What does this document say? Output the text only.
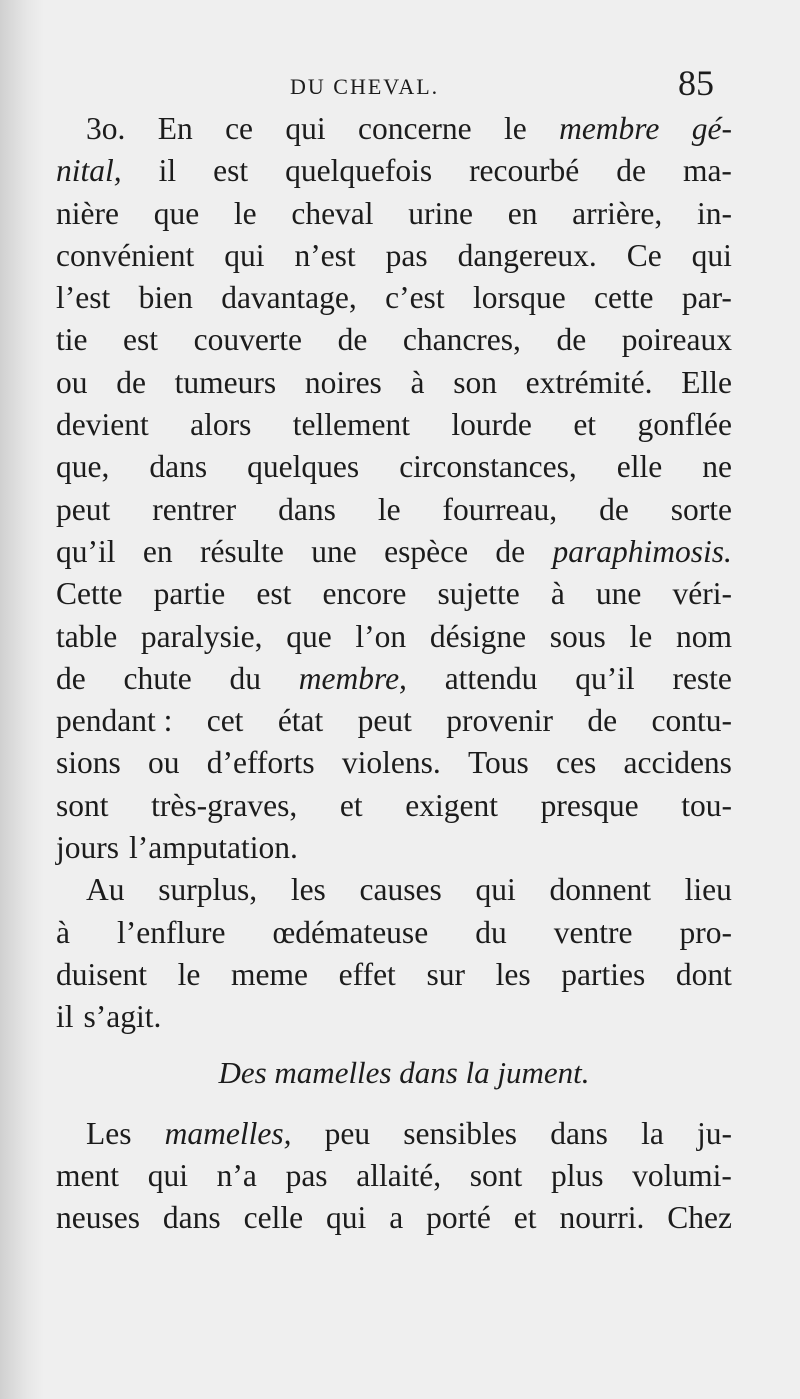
DU CHEVAL.	85
3o. En ce qui concerne le membre gé-
nital, il est quelquefois recourbé de ma-
nière que le cheval urine en arrière, in-
convénient qui n’est pas dangereux. Ce qui
l’est bien davantage, c’est lorsque cette par-
tie est couverte de chancres, de poireaux
ou de tumeurs noires à son extrémité. Elle
devient alors tellement lourde et gonflée
que, dans quelques circonstances, elle ne
peut rentrer dans le fourreau, de sorte
qu’il en résulte une espèce de paraphimosis.
Cette partie est encore sujette à une véri-
table paralysie, que l’on désigne sous le nom
de chute du membre, attendu qu’il reste
pendant : cet état peut provenir de contu-
sions ou d’efforts violens. Tous ces accidens
sont très-graves, et exigent presque tou-
jours l’amputation.
Au surplus, les causes qui donnent lieu
à l’enflure œdémateuse du ventre pro-
duisent le meme effet sur les parties dont
il s’agit.
Des mamelles dans la jument.
Les mamelles, peu sensibles dans la ju-
ment qui n’a pas allaité, sont plus volumi-
neuses dans celle qui a porté et nourri. Chez
